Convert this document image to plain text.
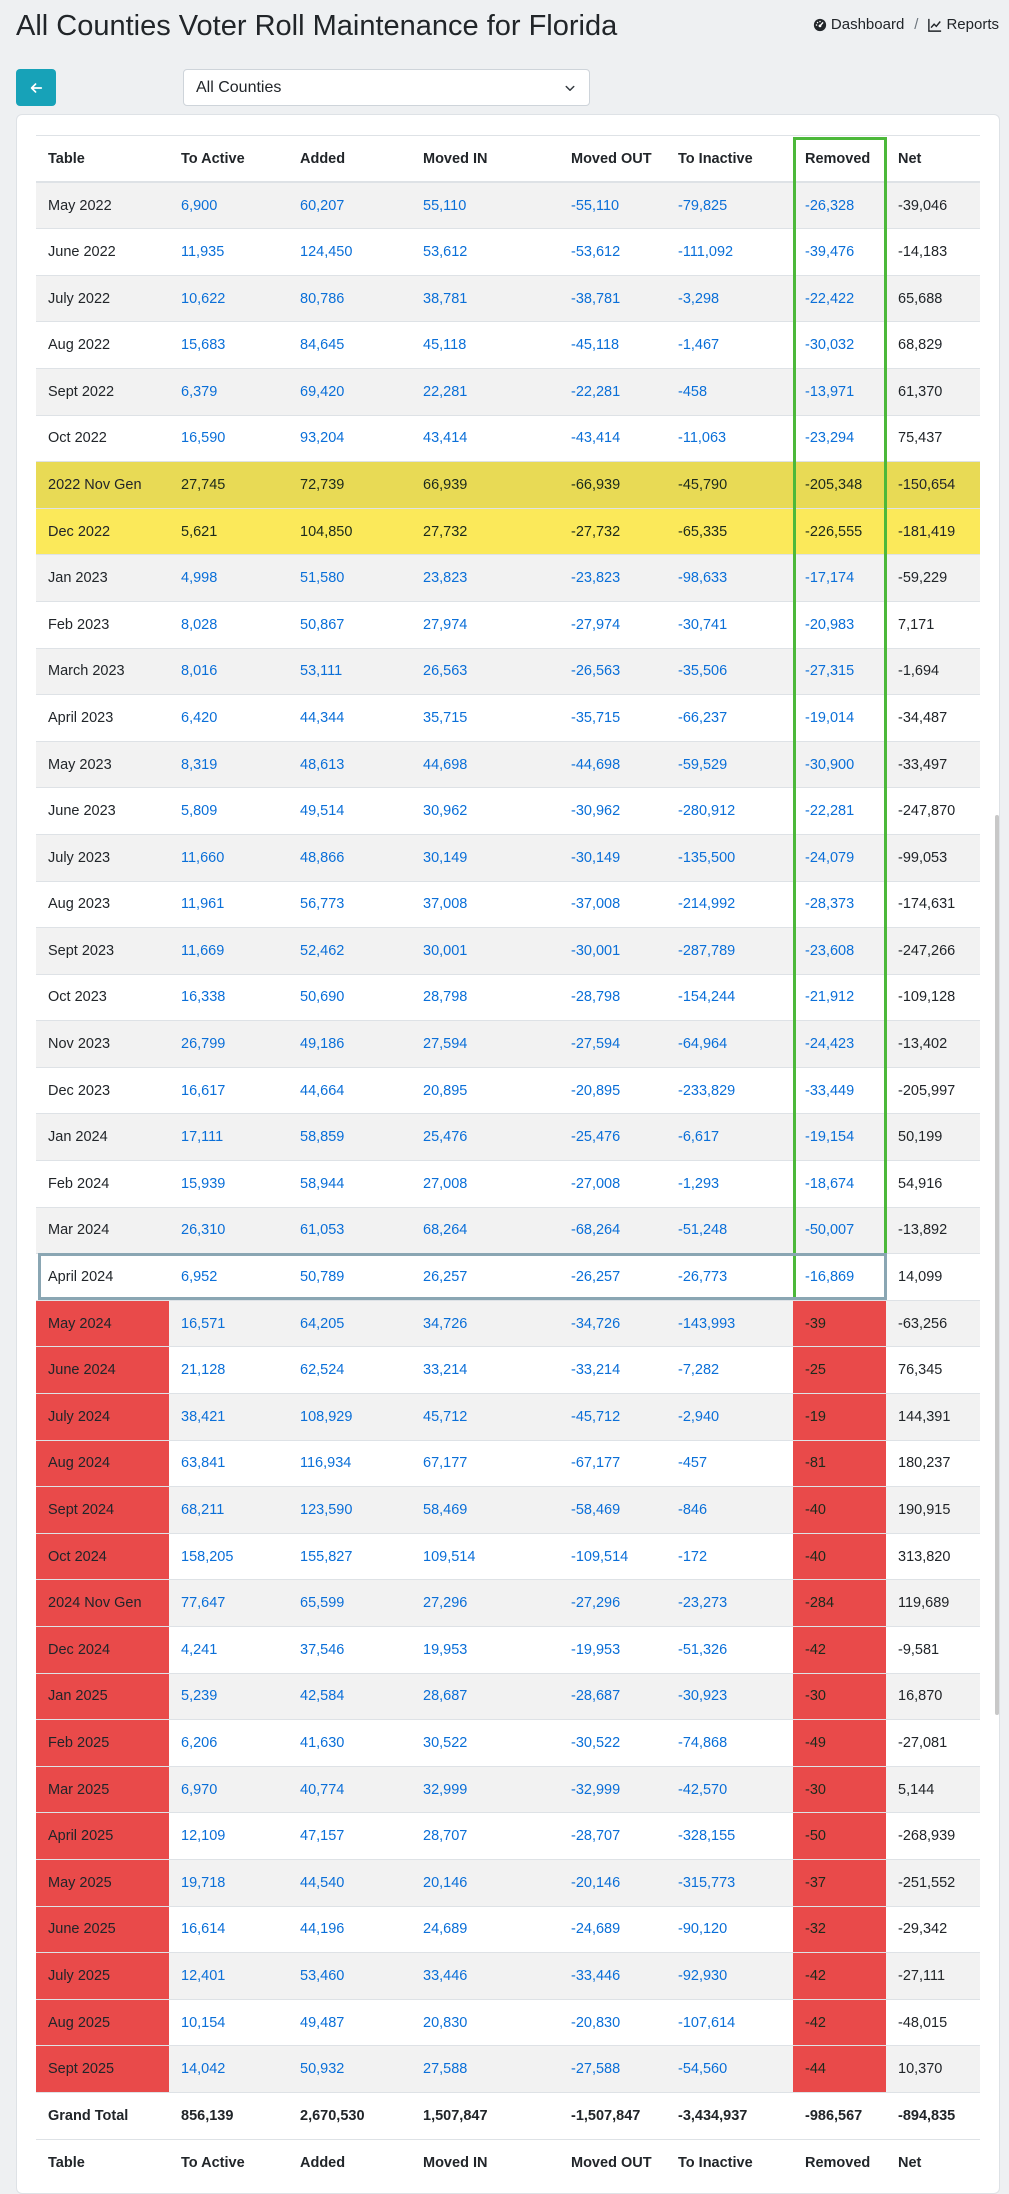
All Counties Voter Roll Maintenance for Florida	Dashboard / Reports
All Counties
Table	To Active	Added	Moved IN	Moved OUT	To Inactive	Removed	Net
May 2022	6,900	60,207	55,110	-55,110	-79,825	-26,328	-39,046
June 2022	11,935	124,450	53,612	-53,612	-111,092	-39,476	-14,183
July 2022	10,622	80,786	38,781	-38,781	-3,298	-22,422	65,688
Aug 2022	15,683	84,645	45,118	-45,118	-1,467	-30,032	68,829
Sept 2022	6,379	69,420	22,281	-22,281	-458	-13,971	61,370
Oct 2022	16,590	93,204	43,414	-43,414	-11,063	-23,294	75,437
2022 Nov Gen	27,745	72,739	66,939	-66,939	-45,790	-205,348	-150,654
Dec 2022	5,621	104,850	27,732	-27,732	-65,335	-226,555	-181,419
Jan 2023	4,998	51,580	23,823	-23,823	-98,633	-17,174	-59,229
Feb 2023	8,028	50,867	27,974	-27,974	-30,741	-20,983	7,171
March 2023	8,016	53,111	26,563	-26,563	-35,506	-27,315	-1,694
April 2023	6,420	44,344	35,715	-35,715	-66,237	-19,014	-34,487
May 2023	8,319	48,613	44,698	-44,698	-59,529	-30,900	-33,497
June 2023	5,809	49,514	30,962	-30,962	-280,912	-22,281	-247,870
July 2023	11,660	48,866	30,149	-30,149	-135,500	-24,079	-99,053
Aug 2023	11,961	56,773	37,008	-37,008	-214,992	-28,373	-174,631
Sept 2023	11,669	52,462	30,001	-30,001	-287,789	-23,608	-247,266
Oct 2023	16,338	50,690	28,798	-28,798	-154,244	-21,912	-109,128
Nov 2023	26,799	49,186	27,594	-27,594	-64,964	-24,423	-13,402
Dec 2023	16,617	44,664	20,895	-20,895	-233,829	-33,449	-205,997
Jan 2024	17,111	58,859	25,476	-25,476	-6,617	-19,154	50,199
Feb 2024	15,939	58,944	27,008	-27,008	-1,293	-18,674	54,916
Mar 2024	26,310	61,053	68,264	-68,264	-51,248	-50,007	-13,892
April 2024	6,952	50,789	26,257	-26,257	-26,773	-16,869	14,099
May 2024	16,571	64,205	34,726	-34,726	-143,993	-39	-63,256
June 2024	21,128	62,524	33,214	-33,214	-7,282	-25	76,345
July 2024	38,421	108,929	45,712	-45,712	-2,940	-19	144,391
Aug 2024	63,841	116,934	67,177	-67,177	-457	-81	180,237
Sept 2024	68,211	123,590	58,469	-58,469	-846	-40	190,915
Oct 2024	158,205	155,827	109,514	-109,514	-172	-40	313,820
2024 Nov Gen	77,647	65,599	27,296	-27,296	-23,273	-284	119,689
Dec 2024	4,241	37,546	19,953	-19,953	-51,326	-42	-9,581
Jan 2025	5,239	42,584	28,687	-28,687	-30,923	-30	16,870
Feb 2025	6,206	41,630	30,522	-30,522	-74,868	-49	-27,081
Mar 2025	6,970	40,774	32,999	-32,999	-42,570	-30	5,144
April 2025	12,109	47,157	28,707	-28,707	-328,155	-50	-268,939
May 2025	19,718	44,540	20,146	-20,146	-315,773	-37	-251,552
June 2025	16,614	44,196	24,689	-24,689	-90,120	-32	-29,342
July 2025	12,401	53,460	33,446	-33,446	-92,930	-42	-27,111
Aug 2025	10,154	49,487	20,830	-20,830	-107,614	-42	-48,015
Sept 2025	14,042	50,932	27,588	-27,588	-54,560	-44	10,370
Grand Total	856,139	2,670,530	1,507,847	-1,507,847	-3,434,937	-986,567	-894,835
Table	To Active	Added	Moved IN	Moved OUT	To Inactive	Removed	Net
